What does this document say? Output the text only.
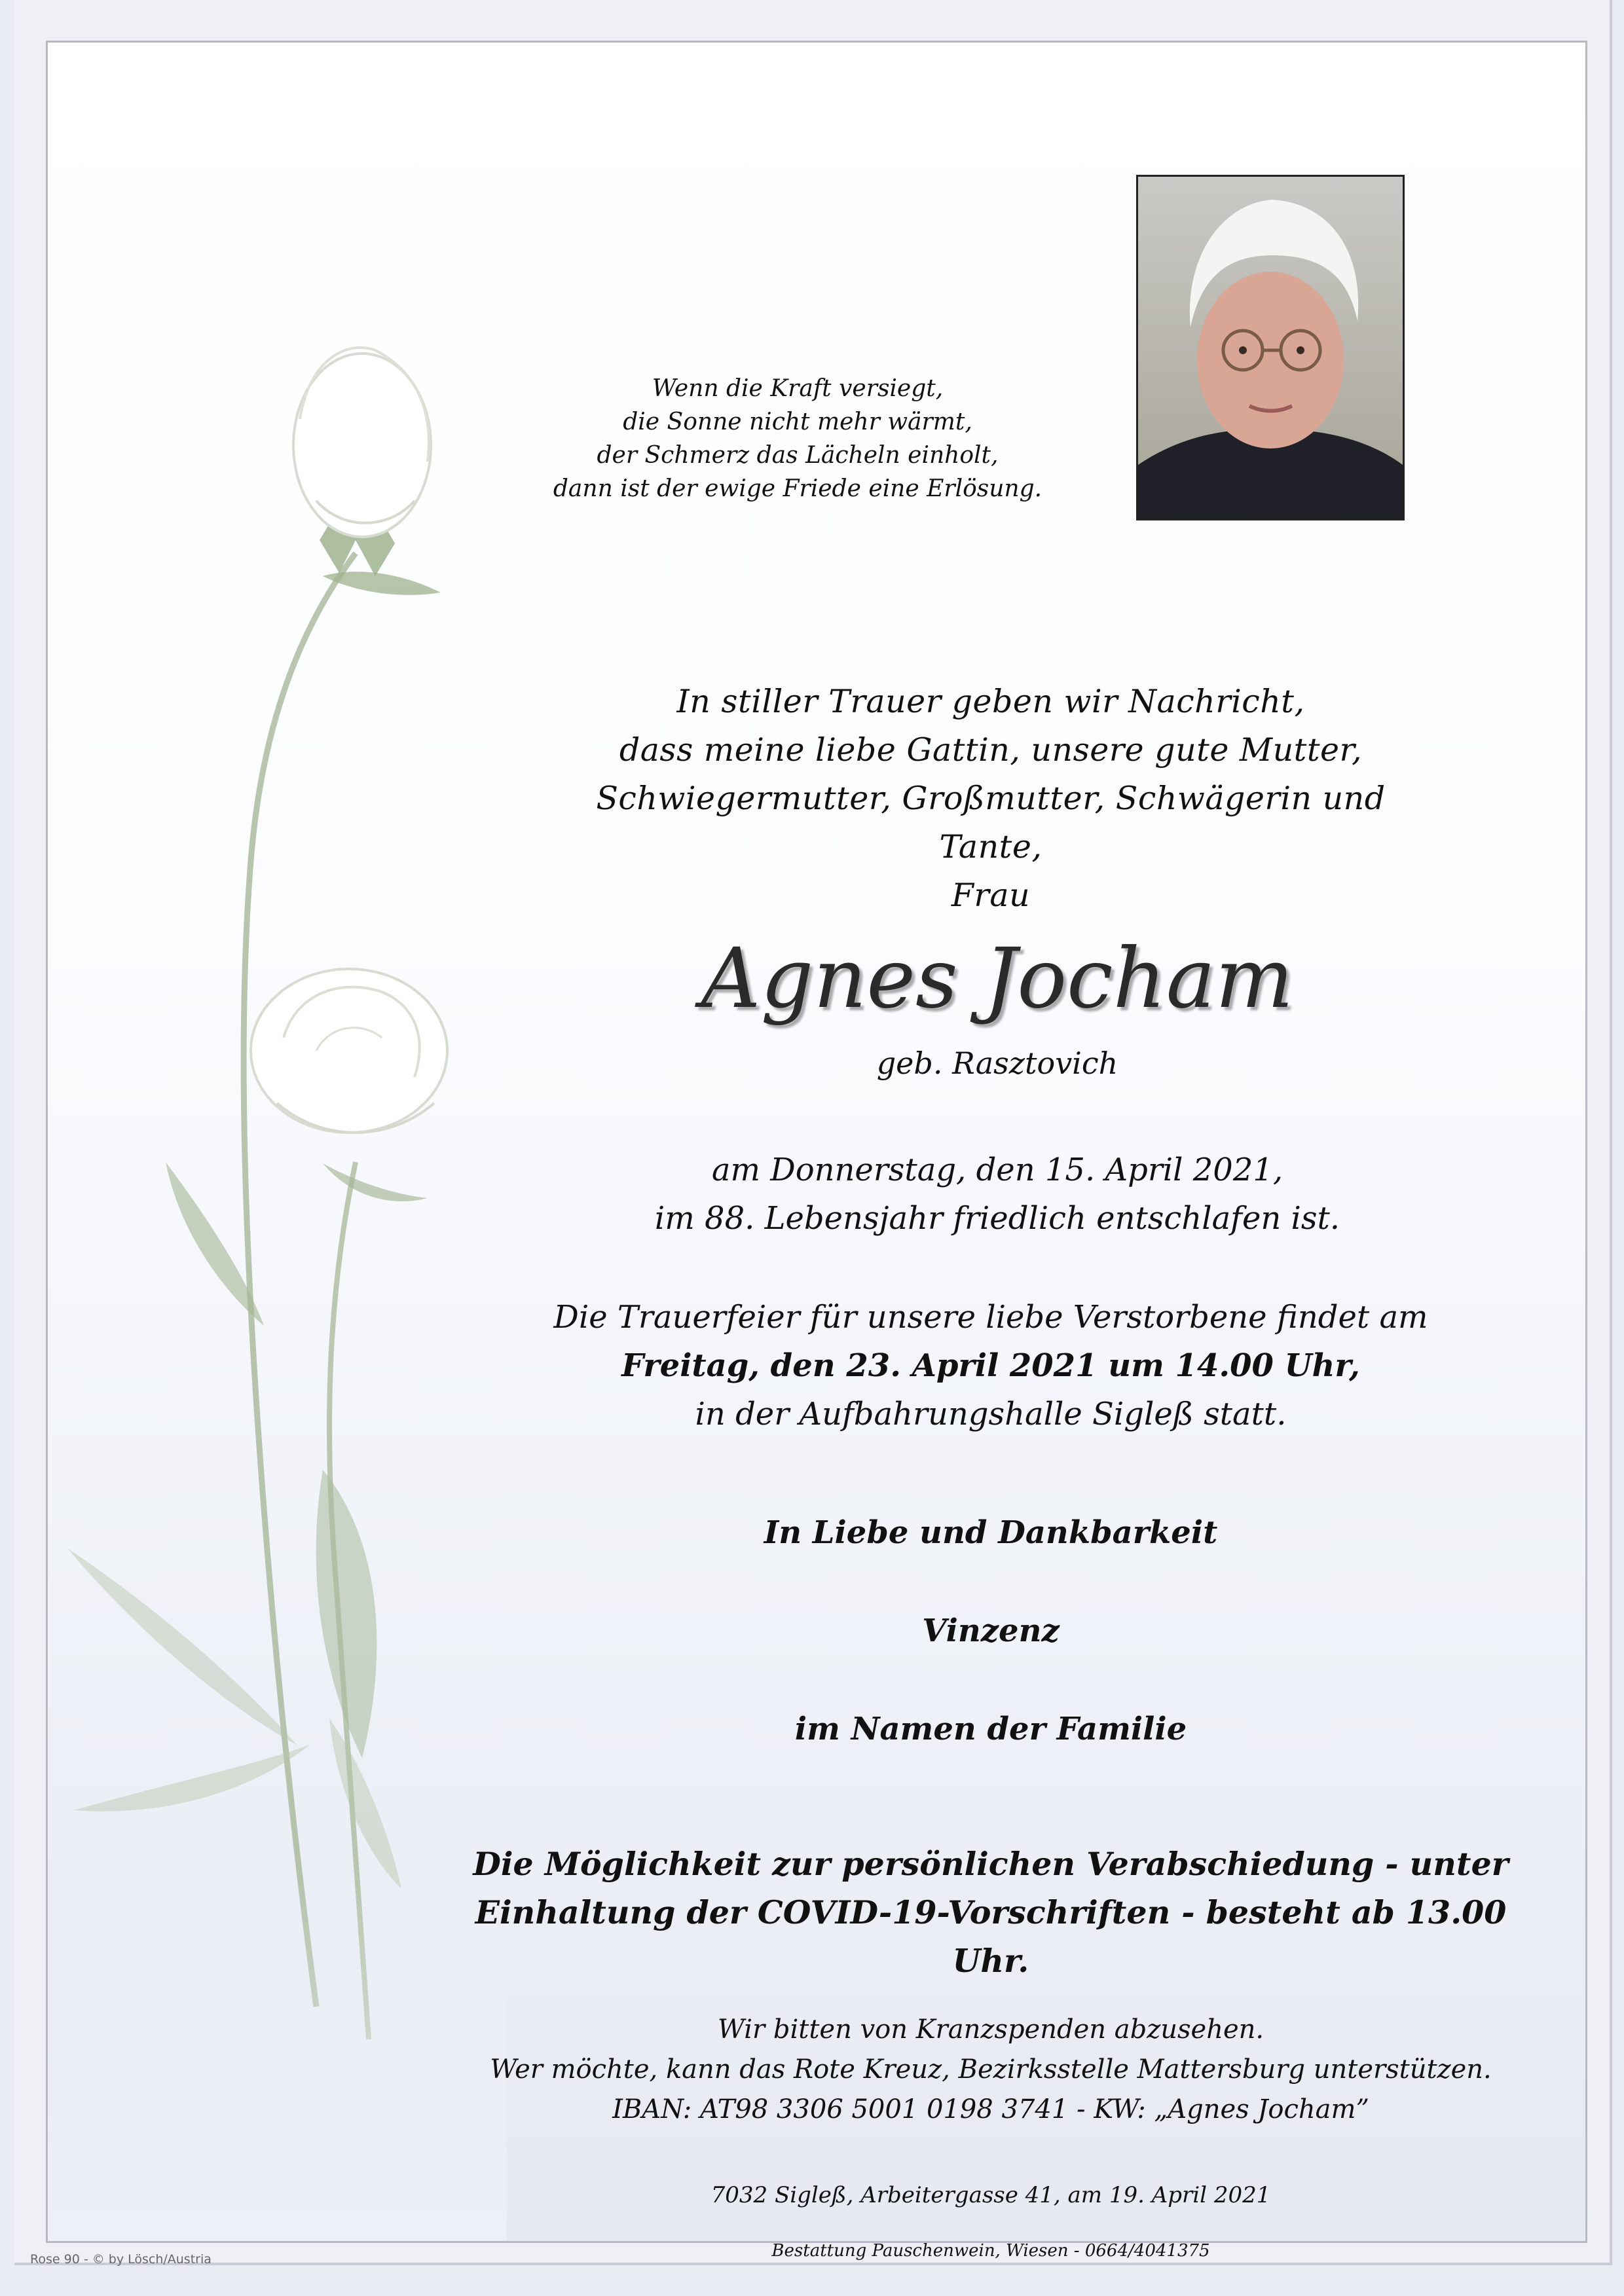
Wenn die Kraft versiegt,
die Sonne nicht mehr wärmt,
der Schmerz das Lächeln einholt,
dann ist der ewige Friede eine Erlösung.
In stiller Trauer geben wir Nachricht,
dass meine liebe Gattin, unsere gute Mutter,
Schwiegermutter, Großmutter, Schwägerin und Tante,
Frau
Agnes Jocham
geb. Rasztovich
am Donnerstag, den 15. April 2021,
im 88. Lebensjahr friedlich entschlafen ist.
Die Trauerfeier für unsere liebe Verstorbene findet am
Freitag, den 23. April 2021 um 14.00 Uhr,
in der Aufbahrungshalle Sigleß statt.
In Liebe und Dankbarkeit
Vinzenz
im Namen der Familie
Die Möglichkeit zur persönlichen Verabschiedung - unter
Einhaltung der COVID-19-Vorschriften - besteht ab 13.00 Uhr.
Wir bitten von Kranzspenden abzusehen.
Wer möchte, kann das Rote Kreuz, Bezirksstelle Mattersburg unterstützen.
IBAN: AT98 3306 5001 0198 3741 - KW: „Agnes Jocham”
7032 Sigleß, Arbeitergasse 41, am 19. April 2021
Bestattung Pauschenwein, Wiesen - 0664/4041375
Rose 90 - © by Lösch/Austria
